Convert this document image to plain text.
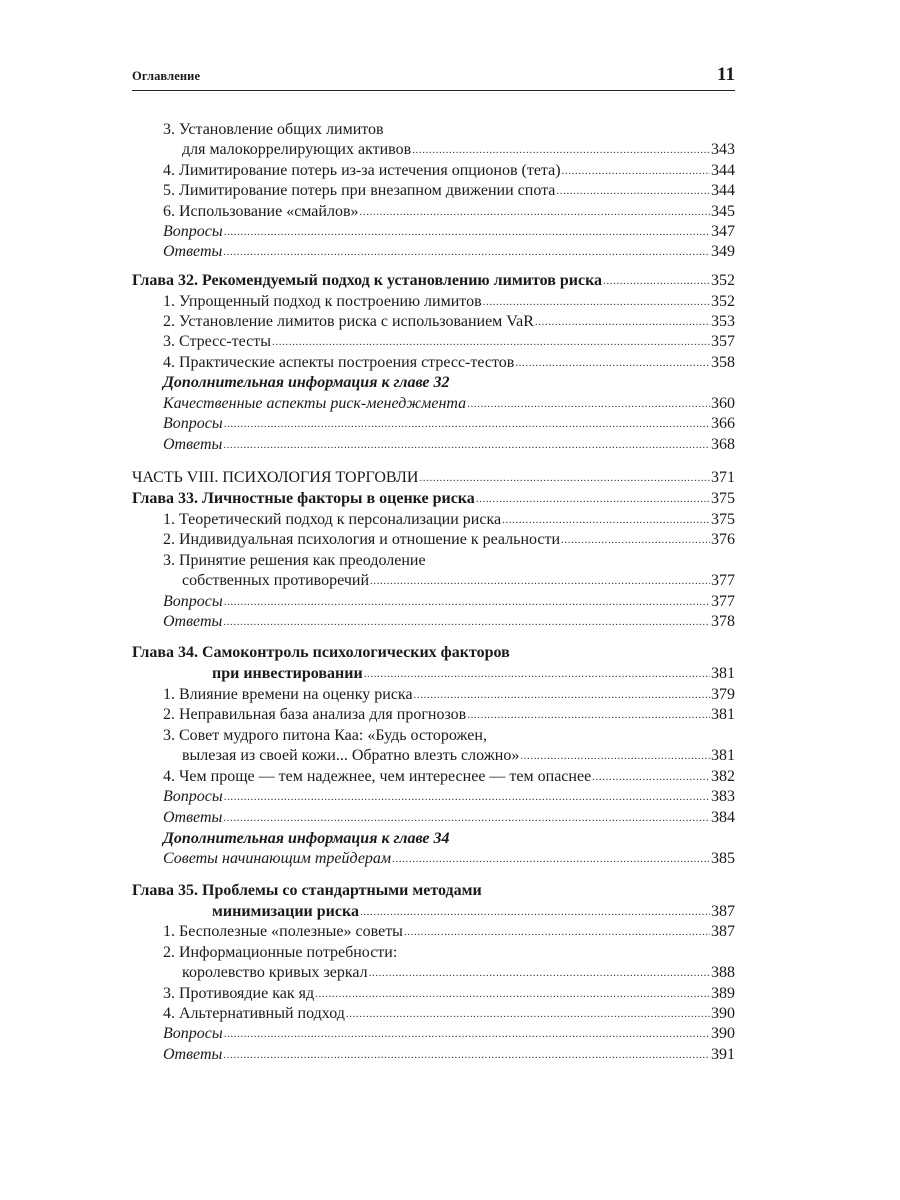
Оглавление	11
3. Установление общих лимитов
для малокоррелирующих активов .....	343
4. Лимитирование потерь из-за истечения опционов (тета) .....	344
5. Лимитирование потерь при внезапном движении спота .....	344
6. Использование «смайлов» .....	345
Вопросы .....	347
Ответы .....	349
Глава 32. Рекомендуемый подход к установлению лимитов риска .....	352
1. Упрощенный подход к построению лимитов .....	352
2. Установление лимитов риска с использованием VaR .....	353
3. Стресс-тесты .....	357
4. Практические аспекты построения стресс-тестов .....	358
Дополнительная информация к главе 32
Качественные аспекты риск-менеджмента .....	360
Вопросы .....	366
Ответы .....	368
ЧАСТЬ VIII. ПСИХОЛОГИЯ ТОРГОВЛИ .....	371
Глава 33. Личностные факторы в оценке риска .....	375
1. Теоретический подход к персонализации риска .....	375
2. Индивидуальная психология и отношение к реальности .....	376
3. Принятие решения как преодоление
собственных противоречий .....	377
Вопросы .....	377
Ответы .....	378
Глава 34. Самоконтроль психологических факторов
при инвестировании .....	381
1. Влияние времени на оценку риска .....	379
2. Неправильная база анализа для прогнозов .....	381
3. Совет мудрого питона Каа: «Будь осторожен,
вылезая из своей кожи... Обратно влезть сложно» .....	381
4. Чем проще — тем надежнее, чем интереснее — тем опаснее .....	382
Вопросы .....	383
Ответы .....	384
Дополнительная информация к главе 34
Советы начинающим трейдерам .....	385
Глава 35. Проблемы со стандартными методами
минимизации риска .....	387
1. Бесполезные «полезные» советы .....	387
2. Информационные потребности:
королевство кривых зеркал .....	388
3. Противоядие как яд .....	389
4. Альтернативный подход .....	390
Вопросы .....	390
Ответы .....	391
